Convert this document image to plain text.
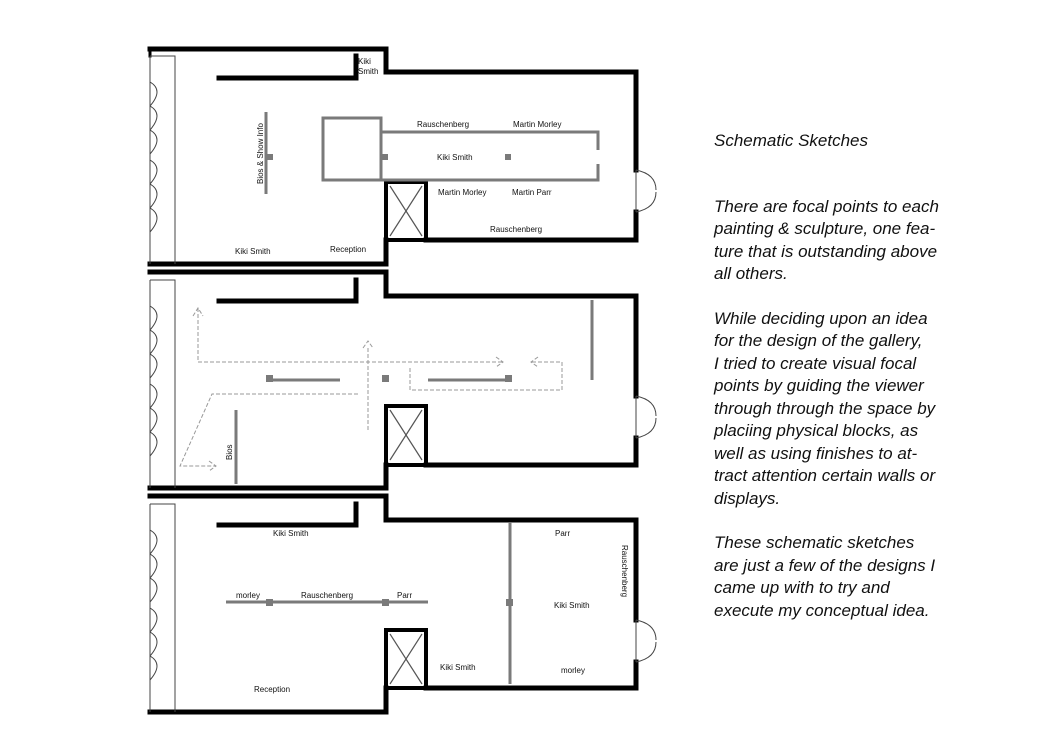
Kiki
Smith
Bios & Show Info	Rauschenberg	Martin Morley
Kiki Smith
Martin Morley	Martin Parr
Rauschenberg
Kiki Smith	Reception
Bios
Kiki Smith
morley	Rauschenberg	Parr
Parr
Rauschenberg
Kiki Smith
Kiki Smith	morley
Reception
Schematic Sketches

There are focal points to each
painting & sculpture, one fea-
ture that is outstanding above
all others.

While deciding upon an idea
for the design of the gallery,
I tried to create visual focal
points by guiding the viewer
through through the space by
placiing physical blocks, as
well as using finishes to at-
tract attention certain walls or
displays.

These schematic sketches
are just a few of the designs I
came up with to try and
execute my conceptual idea.
